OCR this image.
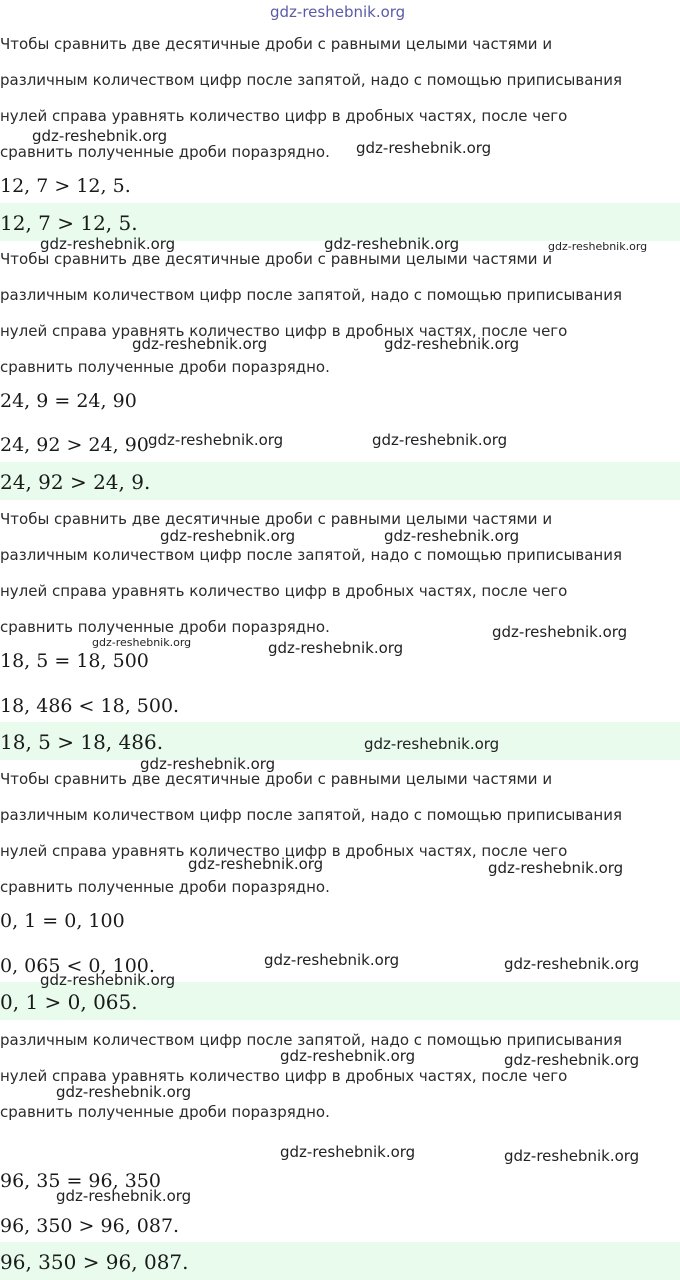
gdz-reshebnik.org
Чтобы сравнить две десятичные дроби с равными целыми частями и
различным количеством цифр после запятой, надо с помощью приписывания
нулей справа уравнять количество цифр в дробных частях, после чего
сравнить полученные дроби поразрядно.
12, 7 > 12, 5.
12, 7 > 12, 5.
Чтобы сравнить две десятичные дроби с равными целыми частями и
различным количеством цифр после запятой, надо с помощью приписывания
нулей справа уравнять количество цифр в дробных частях, после чего
сравнить полученные дроби поразрядно.
24, 9 = 24, 90
24, 92 > 24, 90
24, 92 > 24, 9.
Чтобы сравнить две десятичные дроби с равными целыми частями и
различным количеством цифр после запятой, надо с помощью приписывания
нулей справа уравнять количество цифр в дробных частях, после чего
сравнить полученные дроби поразрядно.
18, 5 = 18, 500
18, 486 < 18, 500.
18, 5 > 18, 486.
Чтобы сравнить две десятичные дроби с равными целыми частями и
различным количеством цифр после запятой, надо с помощью приписывания
нулей справа уравнять количество цифр в дробных частях, после чего
сравнить полученные дроби поразрядно.
0, 1 = 0, 100
0, 065 < 0, 100.
0, 1 > 0, 065.
различным количеством цифр после запятой, надо с помощью приписывания
нулей справа уравнять количество цифр в дробных частях, после чего
сравнить полученные дроби поразрядно.
96, 35 = 96, 350
96, 350 > 96, 087.
96, 350 > 96, 087.
gdz-reshebnik.org
gdz-reshebnik.org
gdz-reshebnik.org	gdz-reshebnik.org	gdz-reshebnik.org
gdz-reshebnik.org	gdz-reshebnik.org
gdz-reshebnik.org	gdz-reshebnik.org
gdz-reshebnik.org	gdz-reshebnik.org
gdz-reshebnik.org
gdz-reshebnik.org	gdz-reshebnik.org
gdz-reshebnik.org
gdz-reshebnik.org
gdz-reshebnik.org	gdz-reshebnik.org
gdz-reshebnik.org	gdz-reshebnik.org
gdz-reshebnik.org
gdz-reshebnik.org	gdz-reshebnik.org
gdz-reshebnik.org
gdz-reshebnik.org	gdz-reshebnik.org
gdz-reshebnik.org
